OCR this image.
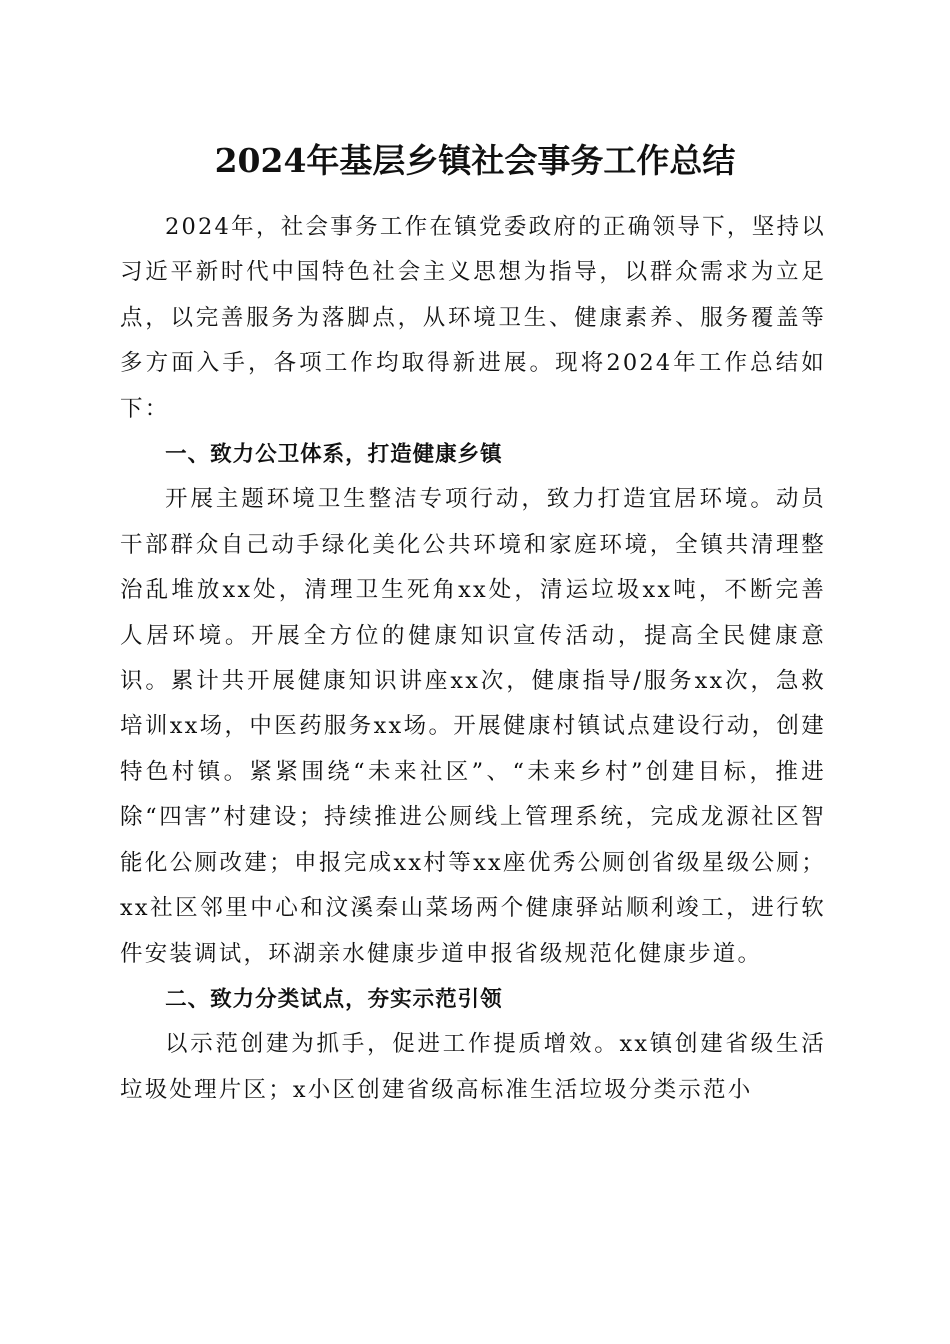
2024年基层乡镇社会事务工作总结

2024年，社会事务工作在镇党委政府的正确领导下，坚持以习近平新时代中国特色社会主义思想为指导，以群众需求为立足点，以完善服务为落脚点，从环境卫生、健康素养、服务覆盖等多方面入手，各项工作均取得新进展。现将2024年工作总结如下：

一、致力公卫体系，打造健康乡镇

开展主题环境卫生整洁专项行动，致力打造宜居环境。动员干部群众自己动手绿化美化公共环境和家庭环境，全镇共清理整治乱堆放xx处，清理卫生死角xx处，清运垃圾xx吨，不断完善人居环境。开展全方位的健康知识宣传活动，提高全民健康意识。累计共开展健康知识讲座xx次，健康指导/服务xx次，急救培训xx场，中医药服务xx场。开展健康村镇试点建设行动，创建特色村镇。紧紧围绕“未来社区”、“未来乡村”创建目标，推进除“四害”村建设；持续推进公厕线上管理系统，完成龙源社区智能化公厕改建；申报完成xx村等xx座优秀公厕创省级星级公厕；xx社区邻里中心和汶溪秦山菜场两个健康驿站顺利竣工，进行软件安装调试，环湖亲水健康步道申报省级规范化健康步道。

二、致力分类试点，夯实示范引领

以示范创建为抓手，促进工作提质增效。xx镇创建省级生活垃圾处理片区；x小区创建省级高标准生活垃圾分类示范小
